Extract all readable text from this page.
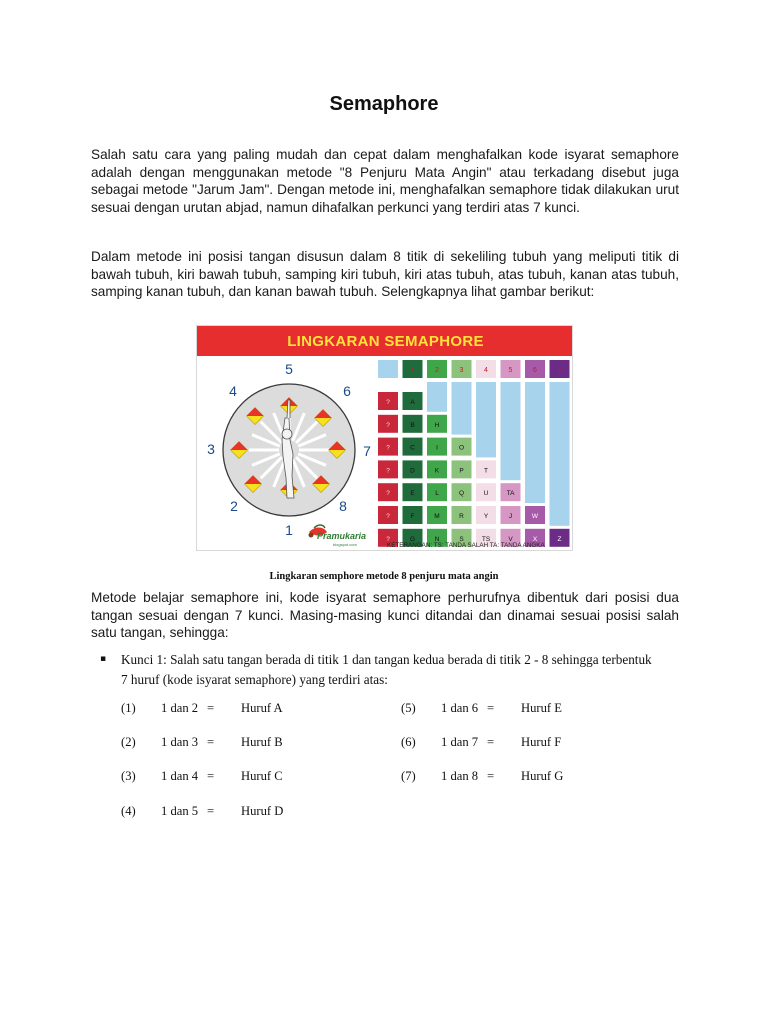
Semaphore

Salah satu cara yang paling mudah dan cepat dalam menghafalkan kode isyarat semaphore adalah dengan menggunakan metode "8 Penjuru Mata Angin" atau terkadang disebut juga sebagai metode "Jarum Jam". Dengan metode ini, menghafalkan semaphore tidak dilakukan urut sesuai dengan urutan abjad, namun dihafalkan perkunci yang terdiri atas 7 kunci.

Dalam metode ini posisi tangan disusun dalam 8 titik di sekeliling tubuh yang meliputi titik di bawah tubuh, kiri bawah tubuh, samping kiri tubuh, kiri atas tubuh, atas tubuh, kanan atas tubuh, samping kanan tubuh, dan kanan bawah tubuh. Selengkapnya lihat gambar berikut:

LINGKARAN SEMAPHORE
1
2
3
4
5
6
7
8
1	2	3	4	5	6	7
?	A
?	B	H
?	C	I	O
?	D	K	P	T
?	E	L	Q	U	TA
?	F	M	R	Y	J	W
?	G	N	S	TS	V	X	Z
Pramukaria
blogspot.com	KETERANGAN: TS: TANDA SALAH TA: TANDA ANGKA
Lingkaran semphore metode 8 penjuru mata angin

Metode belajar semaphore ini, kode isyarat semaphore perhurufnya dibentuk dari posisi dua tangan sesuai dengan 7 kunci. Masing-masing kunci ditandai dan dinamai sesuai posisi salah satu tangan, sehingga:

▪ Kunci 1: Salah satu tangan berada di titik 1 dan tangan kedua berada di titik 2 - 8 sehingga terbentuk 7 huruf (kode isyarat semaphore) yang terdiri atas:

(1) 1 dan 2 = Huruf A
(2) 1 dan 3 = Huruf B
(3) 1 dan 4 = Huruf C
(4) 1 dan 5 = Huruf D
(5) 1 dan 6 = Huruf E
(6) 1 dan 7 = Huruf F
(7) 1 dan 8 = Huruf G
